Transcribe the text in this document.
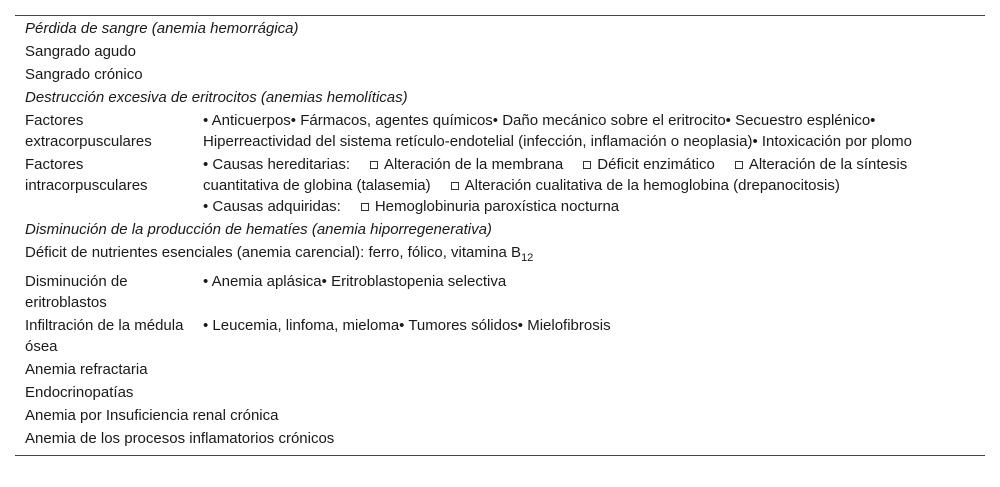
Pérdida de sangre (anemia hemorrágica)
Sangrado agudo
Sangrado crónico
Destrucción excesiva de eritrocitos (anemias hemolíticas)
Factores extracorpusculares
• Anticuerpos• Fármacos, agentes químicos• Daño mecánico sobre el eritrocito• Secuestro esplénico• Hiperreactividad del sistema retículo-endotelial (infección, inflamación o neoplasia)• Intoxicación por plomo
Factores intracorpusculares
• Causas hereditarias: Alteración de la membrana Déficit enzimático Alteración de la síntesis cuantitativa de globina (talasemia) Alteración cualitativa de la hemoglobina (drepanocitosis)
• Causas adquiridas: Hemoglobinuria paroxística nocturna
Disminución de la producción de hematíes (anemia hiporregenerativa)
Déficit de nutrientes esenciales (anemia carencial): ferro, fólico, vitamina $B_{12}$
Disminución de eritroblastos
• Anemia aplásica• Eritroblastopenia selectiva
Infiltración de la médula ósea
• Leucemia, linfoma, mieloma• Tumores sólidos• Mielofibrosis
Anemia refractaria
Endocrinopatías
Anemia por Insuficiencia renal crónica
Anemia de los procesos inflamatorios crónicos
